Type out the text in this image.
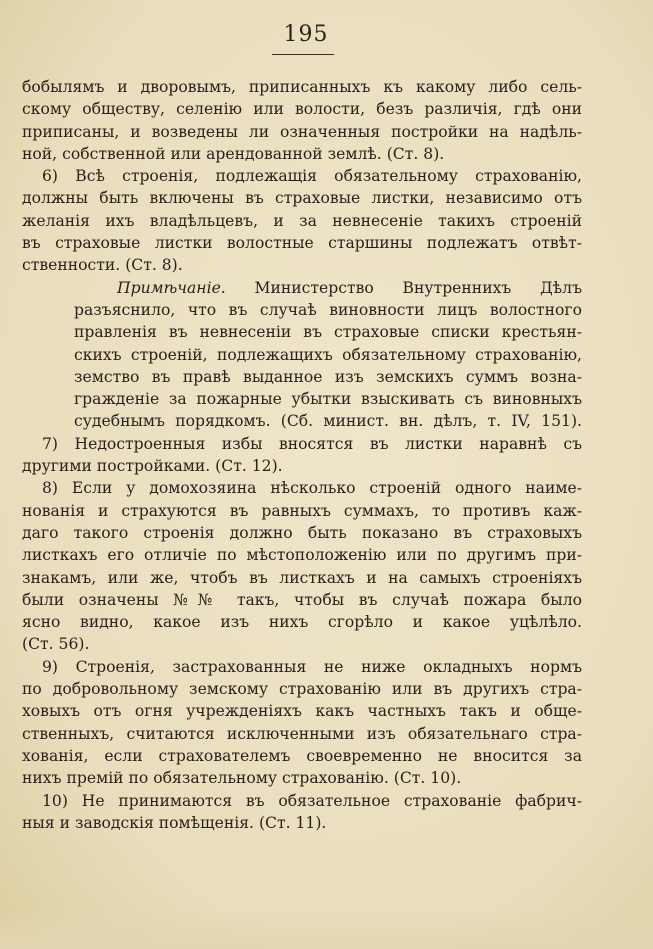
195
бобылямъ и дворовымъ, приписанныхъ къ какому либо сель-
скому обществу, селенiю или волости, безъ различiя, гдѣ они
приписаны, и возведены ли означенныя постройки на надѣль-
ной, собственной или арендованной землѣ. (Ст. 8).
6) Всѣ строенiя, подлежащiя обязательному страхованiю,
должны быть включены въ страховые листки, независимо отъ
желанiя ихъ владѣльцевъ, и за невнесенiе такихъ строенiй
въ страховые листки волостные старшины подлежатъ отвѣт-
ственности. (Ст. 8).
Примѣчанiе. Министерство Внутреннихъ Дѣлъ
разъяснило, что въ случаѣ виновности лицъ волостного
правленiя въ невнесенiи въ страховые списки крестьян-
скихъ строенiй, подлежащихъ обязательному страхованiю,
земство въ правѣ выданное изъ земскихъ суммъ возна-
гражденiе за пожарные убытки взыскивать съ виновныхъ
судебнымъ порядкомъ. (Сб. минист. вн. дѣлъ, т. IV, 151).
7) Недостроенныя избы вносятся въ листки наравнѣ съ
другими постройками. (Ст. 12).
8) Если у домохозяина нѣсколько строенiй одного наиме-
нованiя и страхуются въ равныхъ суммахъ, то противъ каж-
даго такого строенiя должно быть показано въ страховыхъ
листкахъ его отличiе по мѣстоположенiю или по другимъ при-
знакамъ, или же, чтобъ въ листкахъ и на самыхъ строенiяхъ
были означены №№ такъ, чтобы въ случаѣ пожара было
ясно видно, какое изъ нихъ сгорѣло и какое уцѣлѣло.
(Ст. 56).
9) Строенiя, застрахованныя не ниже окладныхъ нормъ
по добровольному земскому страхованiю или въ другихъ стра-
ховыхъ отъ огня учрежденiяхъ какъ частныхъ такъ и обще-
ственныхъ, считаются исключенными изъ обязательнаго стра-
хованiя, если страхователемъ своевременно не вносится за
нихъ премiй по обязательному страхованiю. (Ст. 10).
10) Не принимаются въ обязательное страхованiе фабрич-
ныя и заводскiя помѣщенiя. (Ст. 11).
